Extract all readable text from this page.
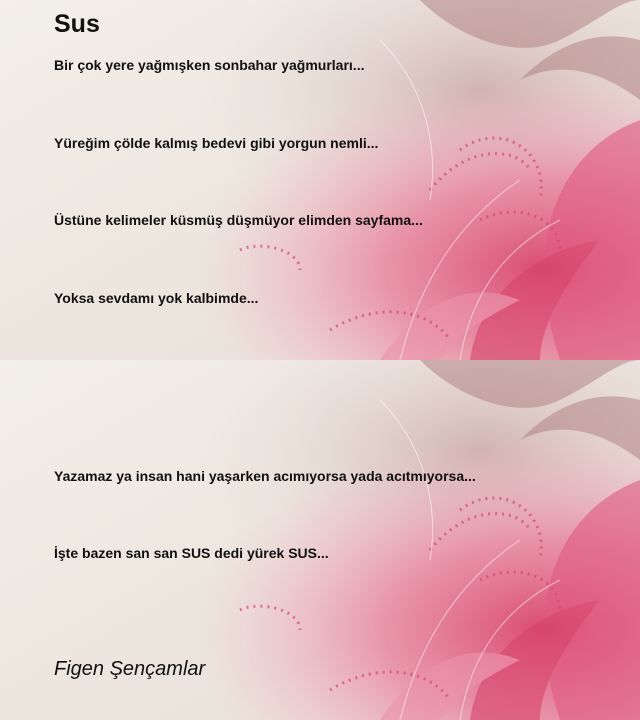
Sus

Bir çok yere yağmışken sonbahar yağmurları...

Yüreğim çölde kalmış bedevi gibi yorgun nemli...

Üstüne kelimeler küsmüş düşmüyor elimden sayfama...

Yoksa sevdamı yok kalbimde...

Yazamaz ya insan hani yaşarken acımıyorsa yada acıtmıyorsa...

İşte bazen san san SUS dedi yürek SUS...

Figen Şençamlar
